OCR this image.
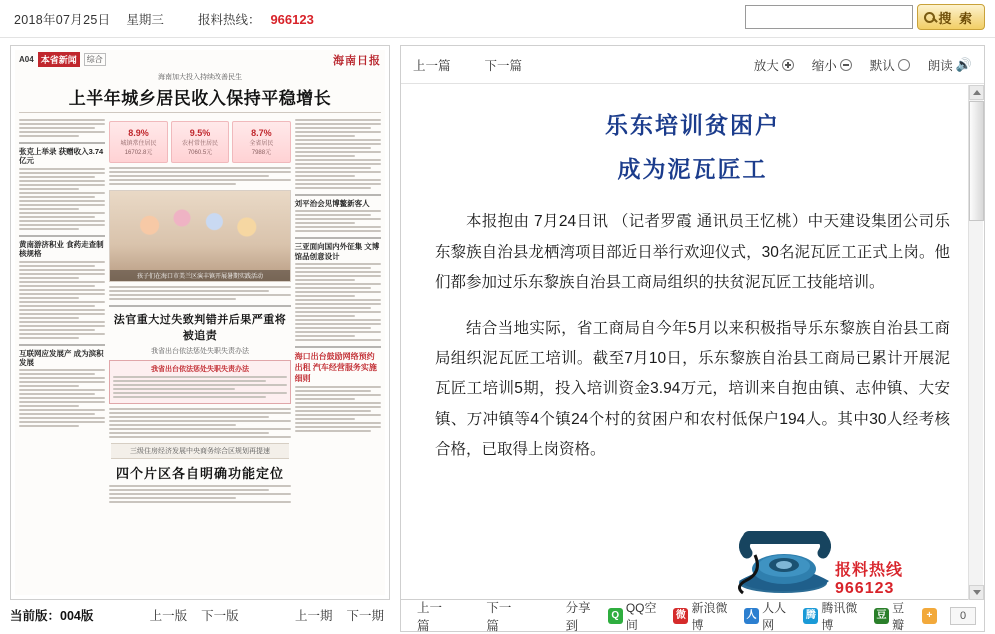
2018年07月25日 星期三	报料热线： 966123	搜 索
A04 本省新闻	综合	海南日报
海南加大投入持续改善民生
上半年城乡居民收入保持平稳增长
张克上举录 获赠收入3.74亿元
黄南游济积业 食药走查制核规格
互联网应发展产 成为滨积发展
8.9%
城镇常住居民
16702.8元
9.5%
农村常住居民
7060.5元
8.7%
全省居民
7988元
孩子们在海口市美兰区演丰镇开展暑期实践活动
法官重大过失致判错并后果严重将被追责
我省出台依法惩处失职失责办法
我省出台依法惩处失职失责办法
三级住房经济发展中央商务综合区规划再提速
四个片区各自明确功能定位
刘平治会见博鳌新客人
三亚面向国内外征集 文博馆品创意设计
海口出台鼓励网络预约出租 汽车经营服务实施细则
当前版： 004版	上一版 下一版	上一期 下一期
上一篇	下一篇	放大	缩小	默认	朗读 🔊
乐东培训贫困户
成为泥瓦匠工

本报抱由 7月24日讯 （记者罗霞 通讯员王忆桃）中天建设集团公司乐东黎族自治县龙栖湾项目部近日举行欢迎仪式，30名泥瓦匠工正式上岗。他们都参加过乐东黎族自治县工商局组织的扶贫泥瓦匠工技能培训。

结合当地实际，省工商局自今年5月以来积极指导乐东黎族自治县工商局组织泥瓦匠工培训。截至7月10日，乐东黎族自治县工商局已累计开展泥瓦匠工培训5期，投入培训资金3.94万元，培训来自抱由镇、志仲镇、大安镇、万冲镇等4个镇24个村的贫困户和农村低保户194人。其中30人经考核合格，已取得上岗资格。

报料热线 966123
上一篇
下一篇
分享到
Q
QQ空间
微
新浪微博
人
人人网
腾
腾讯微博
豆
豆瓣
+	0
